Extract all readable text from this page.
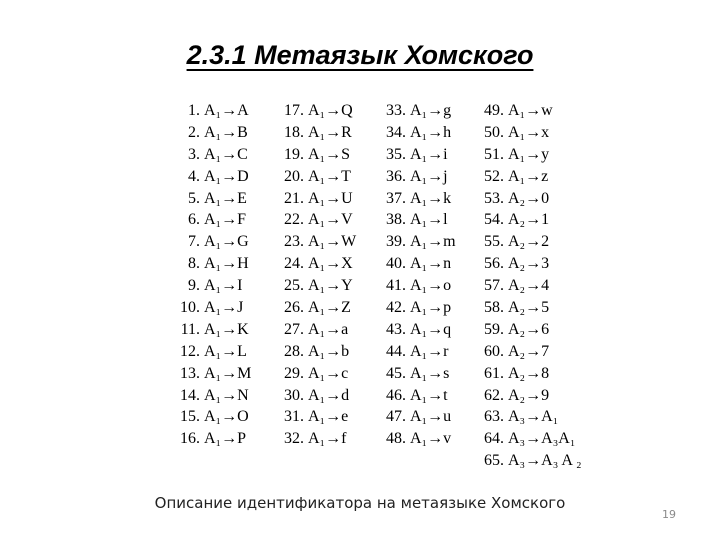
2.3.1 Метаязык Хомского
1. A₁→A
2. A₁→B
3. A₁→C
4. A₁→D
5. A₁→E
6. A₁→F
7. A₁→G
8. A₁→H
9. A₁→I
10. A₁→J
11. A₁→K
12. A₁→L
13. A₁→M
14. A₁→N
15. A₁→O
16. A₁→P
17. A₁→Q
18. A₁→R
19. A₁→S
20. A₁→T
21. A₁→U
22. A₁→V
23. A₁→W
24. A₁→X
25. A₁→Y
26. A₁→Z
27. A₁→a
28. A₁→b
29. A₁→c
30. A₁→d
31. A₁→e
32. A₁→f
33. A₁→g
34. A₁→h
35. A₁→i
36. A₁→j
37. A₁→k
38. A₁→l
39. A₁→m
40. A₁→n
41. A₁→o
42. A₁→p
43. A₁→q
44. A₁→r
45. A₁→s
46. A₁→t
47. A₁→u
48. A₁→v
49. A₁→w
50. A₁→x
51. A₁→y
52. A₁→z
53. A₂→0
54. A₂→1
55. A₂→2
56. A₂→3
57. A₂→4
58. A₂→5
59. A₂→6
60. A₂→7
61. A₂→8
62. A₂→9
63. A₃→A₁
64. A₃→A₃A₁
65. A₃→A₃ A ₂
Описание идентификатора на метаязыке Хомского
19
